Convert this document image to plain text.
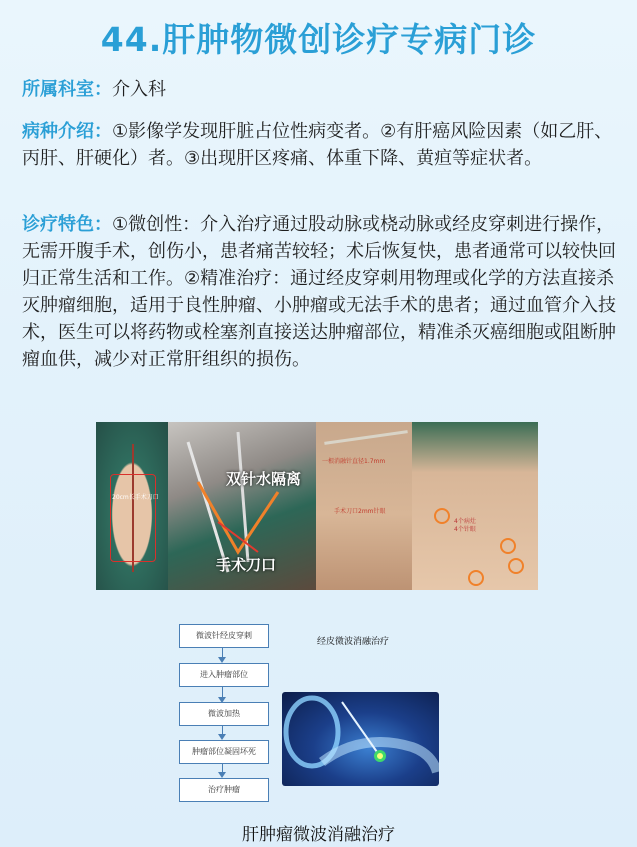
44.肝肿物微创诊疗专病门诊
所属科室：介入科
病种介绍：①影像学发现肝脏占位性病变者。②有肝癌风险因素（如乙肝、丙肝、肝硬化）者。③出现肝区疼痛、体重下降、黄疸等症状者。
诊疗特色：①微创性：介入治疗通过股动脉或桡动脉或经皮穿刺进行操作，无需开腹手术，创伤小，患者痛苦较轻；术后恢复快，患者通常可以较快回归正常生活和工作。②精准治疗：通过经皮穿刺用物理或化学的方法直接杀灭肿瘤细胞，适用于良性肿瘤、小肿瘤或无法手术的患者；通过血管介入技术，医生可以将药物或栓塞剂直接送达肿瘤部位，精准杀灭癌细胞或阻断肿瘤血供，减少对正常肝组织的损伤。
20cm长手术刀口
双针水隔离
手术刀口
一根消融针直径1.7mm
手术刀口2mm针眼
4个病灶
4个针眼
微波针经皮穿刺
进入肿瘤部位
微波加热
肿瘤部位凝固坏死
治疗肿瘤
经皮微波消融治疗
肝肿瘤微波消融治疗
